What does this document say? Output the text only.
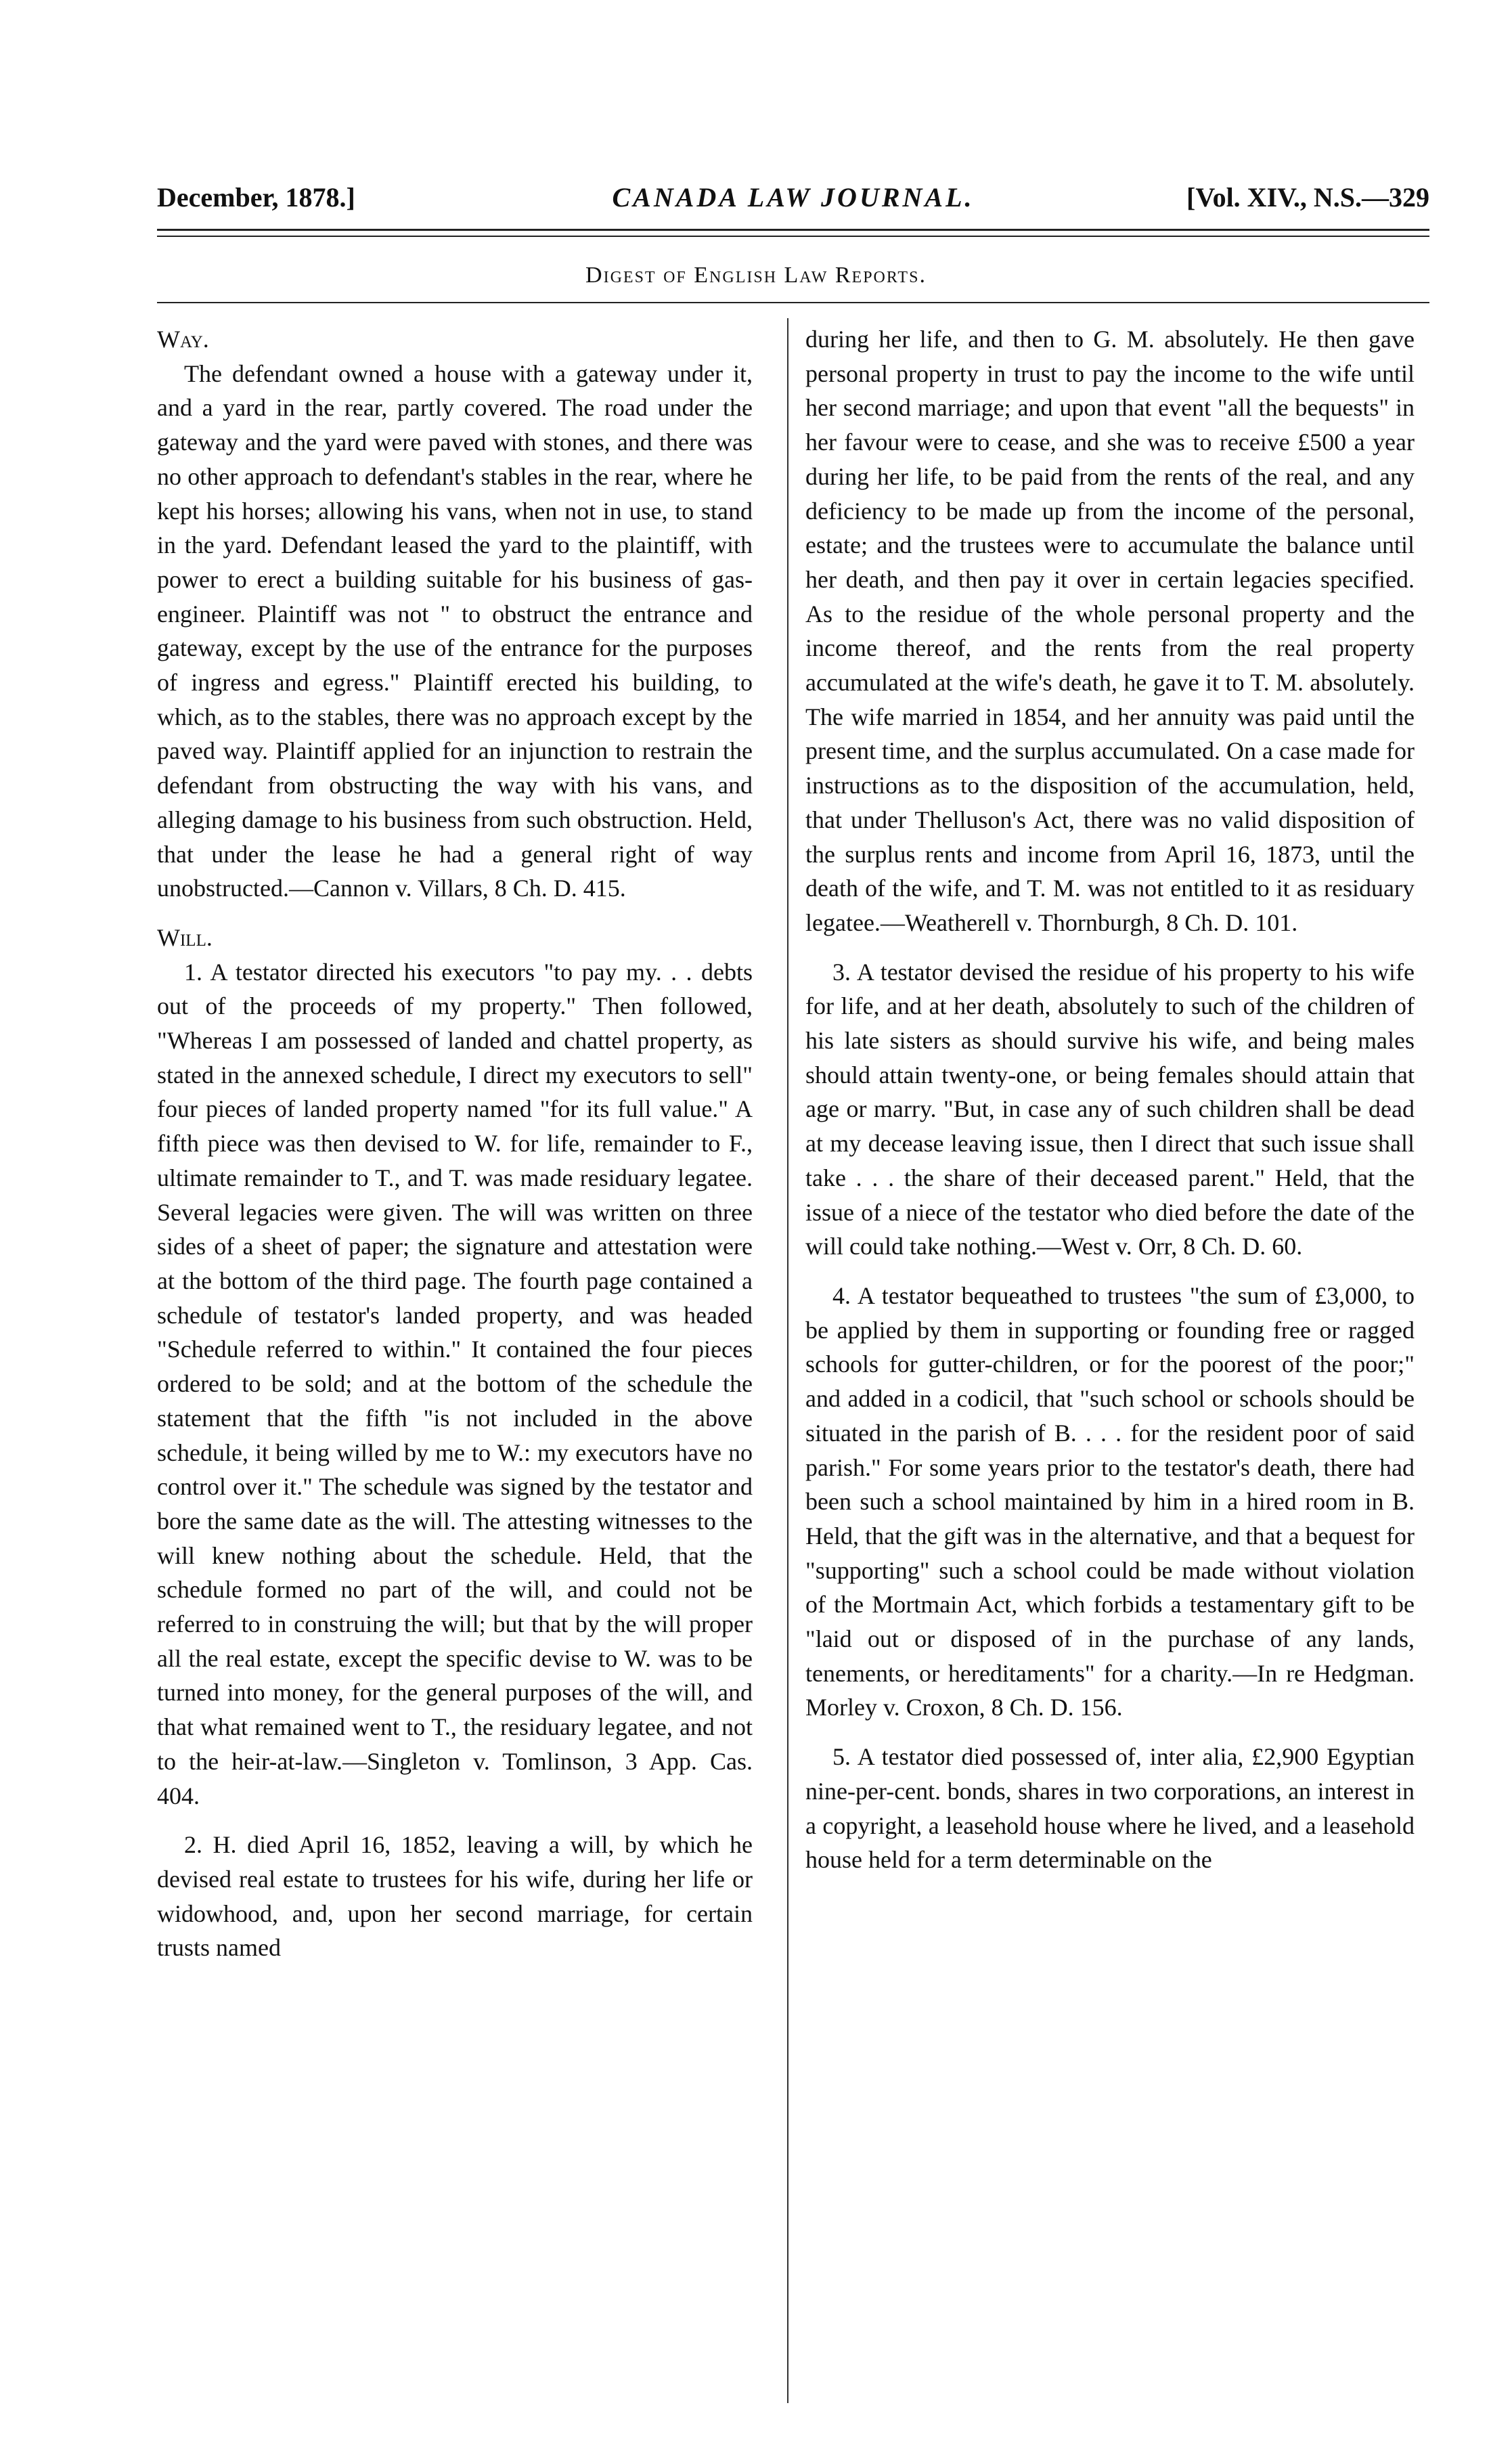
December, 1878.]	CANADA LAW JOURNAL.	[Vol. XIV., N.S.—329
Digest of English Law Reports.

Way.

The defendant owned a house with a gateway under it, and a yard in the rear, partly covered. The road under the gateway and the yard were paved with stones, and there was no other approach to defendant's stables in the rear, where he kept his horses; allowing his vans, when not in use, to stand in the yard. Defendant leased the yard to the plaintiff, with power to erect a building suitable for his business of gas-engineer. Plaintiff was not " to obstruct the entrance and gateway, except by the use of the entrance for the purposes of ingress and egress." Plaintiff erected his building, to which, as to the stables, there was no approach except by the paved way. Plaintiff applied for an injunction to restrain the defendant from obstructing the way with his vans, and alleging damage to his business from such obstruction. Held, that under the lease he had a general right of way unobstructed.—Cannon v. Villars, 8 Ch. D. 415.

Will.

1. A testator directed his executors "to pay my. . . debts out of the proceeds of my property." Then followed, "Whereas I am possessed of landed and chattel property, as stated in the annexed schedule, I direct my executors to sell" four pieces of landed property named "for its full value." A fifth piece was then devised to W. for life, remainder to F., ultimate remainder to T., and T. was made residuary legatee. Several legacies were given. The will was written on three sides of a sheet of paper; the signature and attestation were at the bottom of the third page. The fourth page contained a schedule of testator's landed property, and was headed "Schedule referred to within." It contained the four pieces ordered to be sold; and at the bottom of the schedule the statement that the fifth "is not included in the above schedule, it being willed by me to W.: my executors have no control over it." The schedule was signed by the testator and bore the same date as the will. The attesting witnesses to the will knew nothing about the schedule. Held, that the schedule formed no part of the will, and could not be referred to in construing the will; but that by the will proper all the real estate, except the specific devise to W. was to be turned into money, for the general purposes of the will, and that what remained went to T., the residuary legatee, and not to the heir-at-law.—Singleton v. Tomlinson, 3 App. Cas. 404.

2. H. died April 16, 1852, leaving a will, by which he devised real estate to trustees for his wife, during her life or widowhood, and, upon her second marriage, for certain trusts named

during her life, and then to G. M. absolutely. He then gave personal property in trust to pay the income to the wife until her second marriage; and upon that event "all the bequests" in her favour were to cease, and she was to receive £500 a year during her life, to be paid from the rents of the real, and any deficiency to be made up from the income of the personal, estate; and the trustees were to accumulate the balance until her death, and then pay it over in certain legacies specified. As to the residue of the whole personal property and the income thereof, and the rents from the real property accumulated at the wife's death, he gave it to T. M. absolutely. The wife married in 1854, and her annuity was paid until the present time, and the surplus accumulated. On a case made for instructions as to the disposition of the accumulation, held, that under Thelluson's Act, there was no valid disposition of the surplus rents and income from April 16, 1873, until the death of the wife, and T. M. was not entitled to it as residuary legatee.—Weatherell v. Thornburgh, 8 Ch. D. 101.

3. A testator devised the residue of his property to his wife for life, and at her death, absolutely to such of the children of his late sisters as should survive his wife, and being males should attain twenty-one, or being females should attain that age or marry. "But, in case any of such children shall be dead at my decease leaving issue, then I direct that such issue shall take . . . the share of their deceased parent." Held, that the issue of a niece of the testator who died before the date of the will could take nothing.—West v. Orr, 8 Ch. D. 60.

4. A testator bequeathed to trustees "the sum of £3,000, to be applied by them in supporting or founding free or ragged schools for gutter-children, or for the poorest of the poor;" and added in a codicil, that "such school or schools should be situated in the parish of B. . . . for the resident poor of said parish." For some years prior to the testator's death, there had been such a school maintained by him in a hired room in B. Held, that the gift was in the alternative, and that a bequest for "supporting" such a school could be made without violation of the Mortmain Act, which forbids a testamentary gift to be "laid out or disposed of in the purchase of any lands, tenements, or hereditaments" for a charity.—In re Hedgman. Morley v. Croxon, 8 Ch. D. 156.

5. A testator died possessed of, inter alia, £2,900 Egyptian nine-per-cent. bonds, shares in two corporations, an interest in a copyright, a leasehold house where he lived, and a leasehold house held for a term determinable on the
